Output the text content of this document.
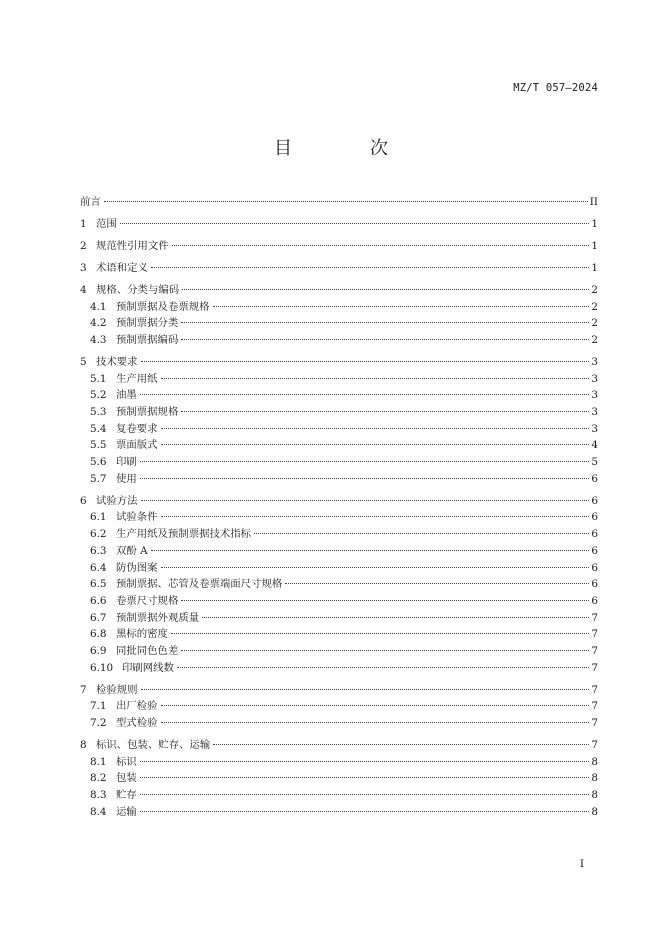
MZ/T 057—2024
目　次
前言	II
1 范围	1
2 规范性引用文件	1
3 术语和定义	1
4 规格、分类与编码	2
4.1 预制票据及卷票规格	2
4.2 预制票据分类	2
4.3 预制票据编码	2
5 技术要求	3
5.1 生产用纸	3
5.2 油墨	3
5.3 预制票据规格	3
5.4 复卷要求	3
5.5 票面版式	4
5.6 印刷	5
5.7 使用	6
6 试验方法	6
6.1 试验条件	6
6.2 生产用纸及预制票据技术指标	6
6.3 双酚 A	6
6.4 防伪图案	6
6.5 预制票据、芯管及卷票端面尺寸规格	6
6.6 卷票尺寸规格	6
6.7 预制票据外观质量	7
6.8 黑标的密度	7
6.9 同批同色色差	7
6.10 印刷网线数	7
7 检验规则	7
7.1 出厂检验	7
7.2 型式检验	7
8 标识、包装、贮存、运输	7
8.1 标识	8
8.2 包装	8
8.3 贮存	8
8.4 运输	8
I
